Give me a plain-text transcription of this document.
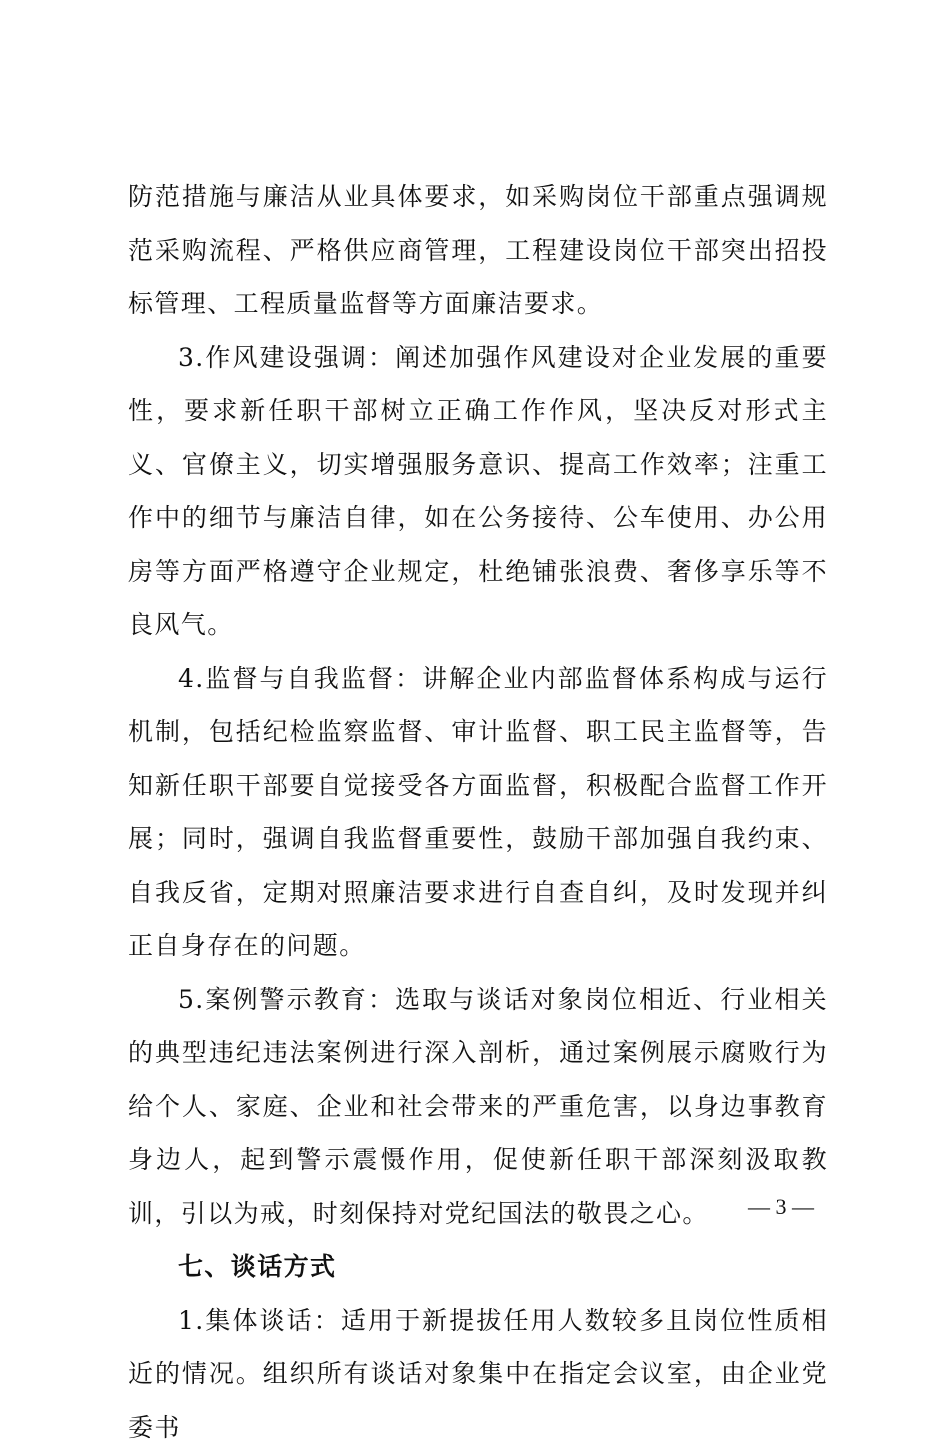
防范措施与廉洁从业具体要求，如采购岗位干部重点强调规范采购流程、严格供应商管理，工程建设岗位干部突出招投标管理、工程质量监督等方面廉洁要求。

3.作风建设强调：阐述加强作风建设对企业发展的重要性，要求新任职干部树立正确工作作风，坚决反对形式主义、官僚主义，切实增强服务意识、提高工作效率；注重工作中的细节与廉洁自律，如在公务接待、公车使用、办公用房等方面严格遵守企业规定，杜绝铺张浪费、奢侈享乐等不良风气。

4.监督与自我监督：讲解企业内部监督体系构成与运行机制，包括纪检监察监督、审计监督、职工民主监督等，告知新任职干部要自觉接受各方面监督，积极配合监督工作开展；同时，强调自我监督重要性，鼓励干部加强自我约束、自我反省，定期对照廉洁要求进行自查自纠，及时发现并纠正自身存在的问题。

5.案例警示教育：选取与谈话对象岗位相近、行业相关的典型违纪违法案例进行深入剖析，通过案例展示腐败行为给个人、家庭、企业和社会带来的严重危害，以身边事教育身边人，起到警示震慑作用，促使新任职干部深刻汲取教训，引以为戒，时刻保持对党纪国法的敬畏之心。

七、谈话方式

1.集体谈话：适用于新提拔任用人数较多且岗位性质相近的情况。组织所有谈话对象集中在指定会议室，由企业党委书

— 3 —
